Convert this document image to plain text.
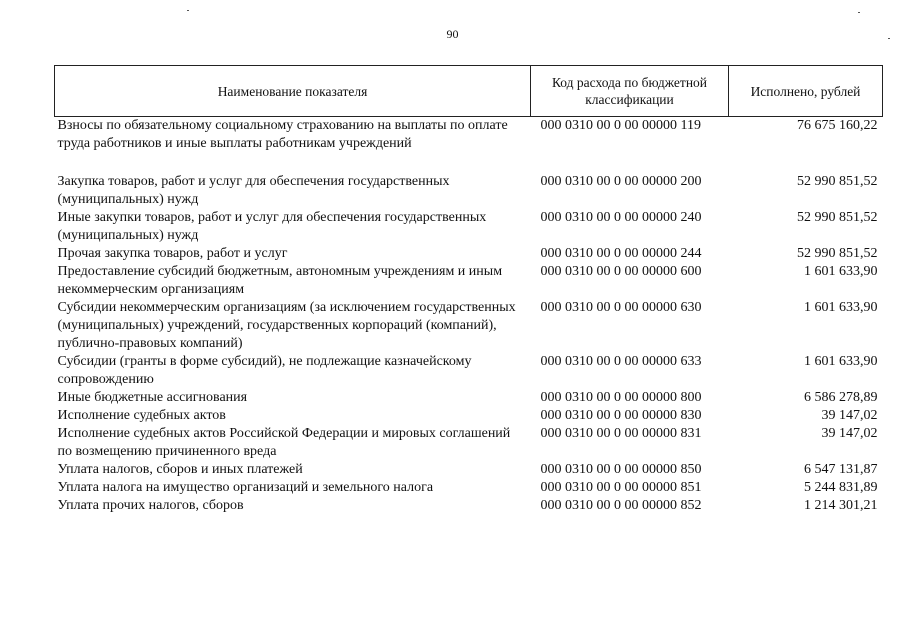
90
Наименование показателя	Код расхода по бюджетной классификации	Исполнено, рублей
Взносы по обязательному социальному страхованию на выплаты по оплате труда работников и иные выплаты работникам учреждений	000 0310 00 0 00 00000 119	76 675 160,22

Закупка товаров, работ и услуг для обеспечения государственных (муниципальных) нужд	000 0310 00 0 00 00000 200	52 990 851,52
Иные закупки товаров, работ и услуг для обеспечения государственных (муниципальных) нужд	000 0310 00 0 00 00000 240	52 990 851,52
Прочая закупка товаров, работ и услуг	000 0310 00 0 00 00000 244	52 990 851,52
Предоставление субсидий бюджетным, автономным учреждениям и иным некоммерческим организациям	000 0310 00 0 00 00000 600	1 601 633,90
Субсидии некоммерческим организациям (за исключением государственных (муниципальных) учреждений, государственных корпораций (компаний), публично-правовых компаний)	000 0310 00 0 00 00000 630	1 601 633,90
Субсидии (гранты в форме субсидий), не подлежащие казначейскому сопровождению	000 0310 00 0 00 00000 633	1 601 633,90
Иные бюджетные ассигнования	000 0310 00 0 00 00000 800	6 586 278,89
Исполнение судебных актов	000 0310 00 0 00 00000 830	39 147,02
Исполнение судебных актов Российской Федерации и мировых соглашений по возмещению причиненного вреда	000 0310 00 0 00 00000 831	39 147,02
Уплата налогов, сборов и иных платежей	000 0310 00 0 00 00000 850	6 547 131,87
Уплата налога на имущество организаций и земельного налога	000 0310 00 0 00 00000 851	5 244 831,89
Уплата прочих налогов, сборов	000 0310 00 0 00 00000 852	1 214 301,21
